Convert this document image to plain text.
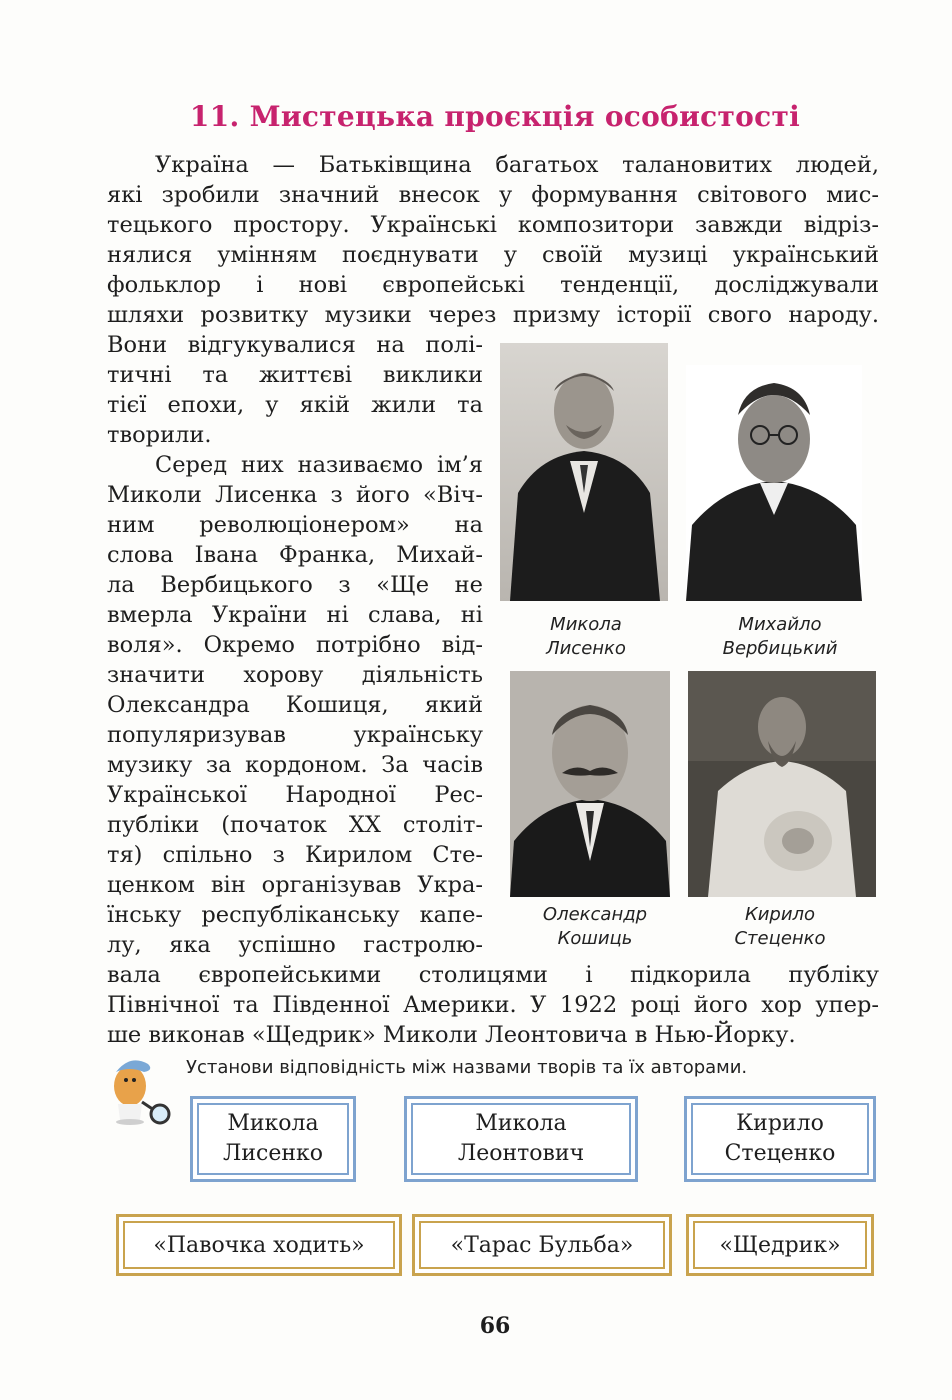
11. Мистецька проєкція особистості
Україна — Батьківщина багатьох талановитих людей,
які зробили значний внесок у формування світового мис-
тецького простору. Українські композитори завжди відріз-
нялися умінням поєднувати у своїй музиці український
фольклор і нові європейські тенденції, досліджували
шляхи розвитку музики через призму історії свого народу.
Вони відгукувалися на полі-
тичні та життєві виклики
тієї епохи, у якій жили та
творили.
Серед них називаємо ім’я
Миколи Лисенка з його «Віч-
ним революціонером» на
слова Івана Франка, Михай-
ла Вербицького з «Ще не
вмерла України ні слава, ні
воля». Окремо потрібно від-
значити хорову діяльність
Олександра Кошиця, який
популяризував українську
музику за кордоном. За часів
Української Народної Рес-
публіки (початок XX століт-
тя) спільно з Кирилом Сте-
ценком він організував Укра-
їнську республіканську капе-
лу, яка успішно гастролю-
вала європейськими столицями і підкорила публіку
Північної та Південної Америки. У 1922 році його хор упер-
ше виконав «Щедрик» Миколи Леонтовича в Нью-Йорку.
Микола
Лисенко
Михайло
Вербицький
Олександр
Кошиць
Кирило
Стеценко
Установи відповідність між назвами творів та їх авторами.
Микола
Лисенко
Микола
Леонтович
Кирило
Стеценко
«Павочка ходить»	«Тарас Бульба»	«Щедрик»
66
